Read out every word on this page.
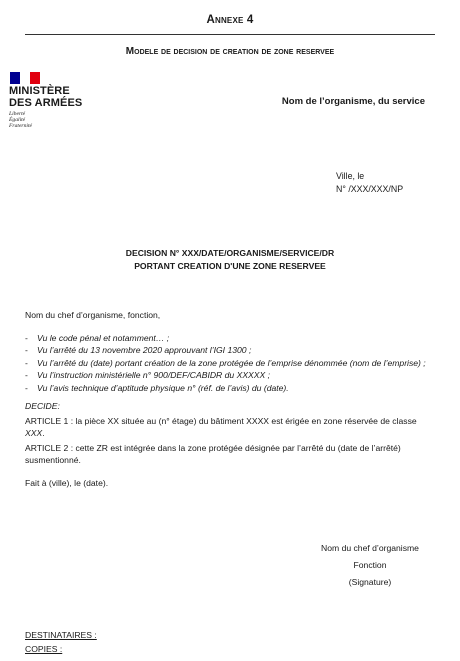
Annexe 4
Modele de decision de creation de zone reservee
MINISTÈRE
DES ARMÉES
Liberté
Égalité
Fraternité
Nom de l’organisme, du service
Ville, le
N° /XXX/XXX/NP
DECISION N° XXX/DATE/ORGANISME/SERVICE/DR
PORTANT CREATION D'UNE ZONE RESERVEE

Nom du chef d’organisme, fonction,

- Vu le code pénal et notamment… ;
- Vu l’arrêté du 13 novembre 2020 approuvant l’IGI 1300 ;
- Vu l’arrêté du (date) portant création de la zone protégée de l’emprise dénommée (nom de l’emprise) ;
- Vu l’instruction ministérielle n° 900/DEF/CABIDR du XXXXX ;
- Vu l’avis technique d’aptitude physique n° (réf. de l’avis) du (date).

DECIDE:

ARTICLE 1 : la pièce XX située au (n° étage) du bâtiment XXXX est érigée en zone réservée de classe XXX.

ARTICLE 2 : cette ZR est intégrée dans la zone protégée désignée par l’arrêté du (date de l’arrêté) susmentionné.

Fait à (ville), le (date).

Nom du chef d’organisme
Fonction
(Signature)
DESTINATAIRES :
COPIES :
